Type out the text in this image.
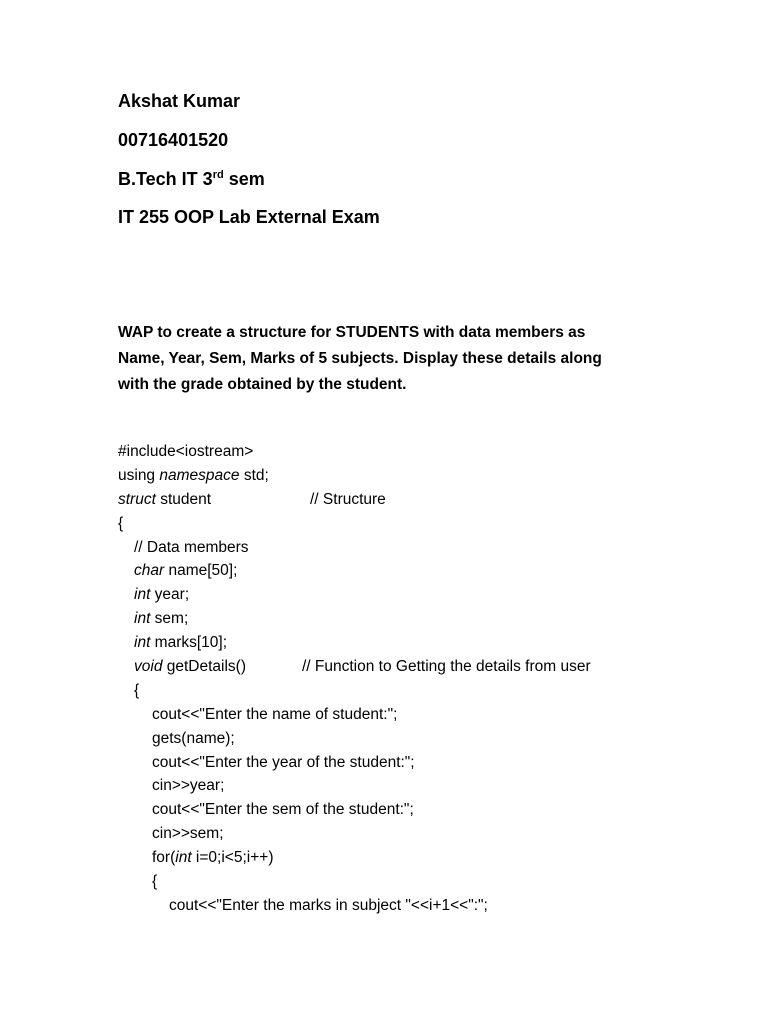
Akshat Kumar
00716401520
B.Tech IT 3rd sem
IT 255 OOP Lab External Exam
WAP to create a structure for STUDENTS with data members as
Name, Year, Sem, Marks of 5 subjects. Display these details along
with the grade obtained by the student.
#include<iostream>
using namespace std;
struct student	// Structure
{
// Data members
char name[50];
int year;
int sem;
int marks[10];
void getDetails()	// Function to Getting the details from user
{
cout<<"Enter the name of student:";
gets(name);
cout<<"Enter the year of the student:";
cin>>year;
cout<<"Enter the sem of the student:";
cin>>sem;
for(int i=0;i<5;i++)
{
cout<<"Enter the marks in subject "<<i+1<<":";
